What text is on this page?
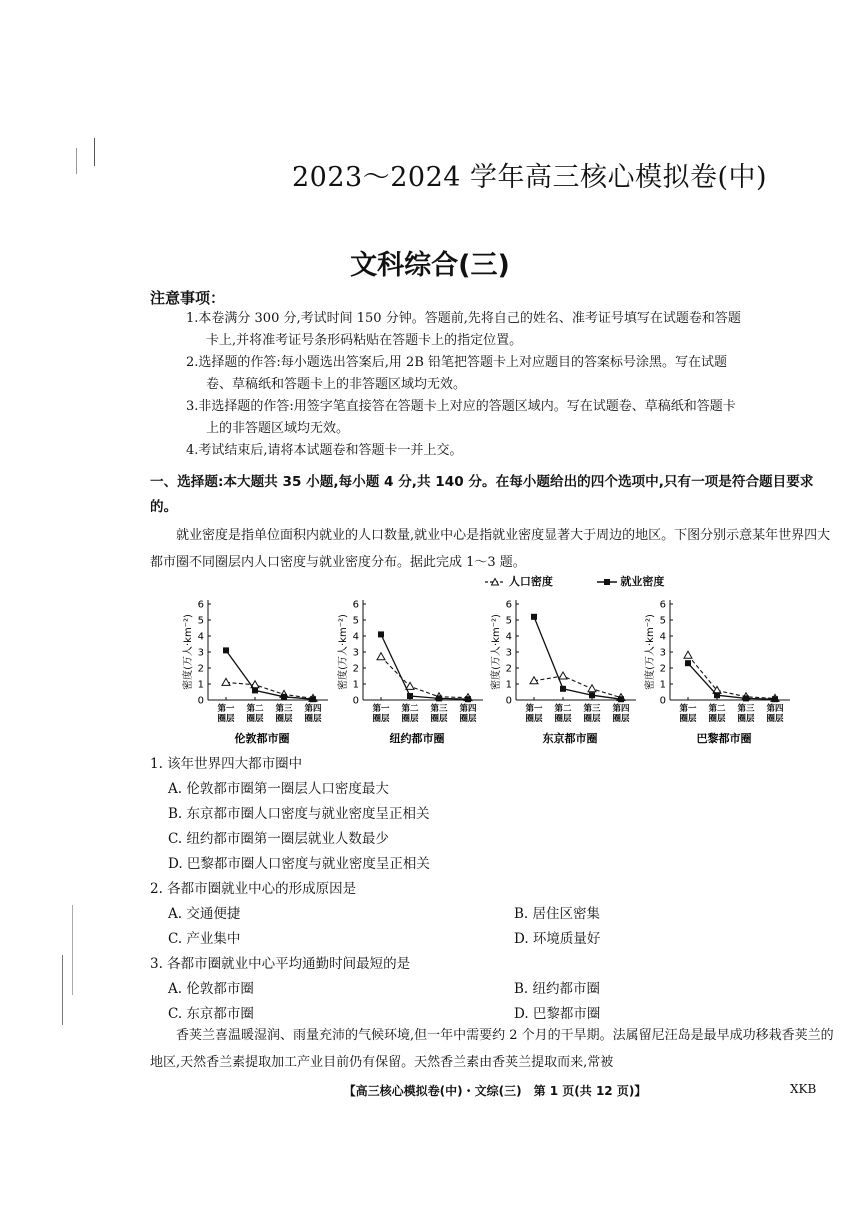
2023～2024 学年高三核心模拟卷(中)
文科综合(三)
注意事项：
1.本卷满分 300 分,考试时间 150 分钟。答题前,先将自己的姓名、准考证号填写在试题卷和答题
卡上,并将准考证号条形码粘贴在答题卡上的指定位置。
2.选择题的作答:每小题选出答案后,用 2B 铅笔把答题卡上对应题目的答案标号涂黑。写在试题
卷、草稿纸和答题卡上的非答题区域均无效。
3.非选择题的作答:用签字笔直接答在答题卡上对应的答题区域内。写在试题卷、草稿纸和答题卡
上的非答题区域均无效。
4.考试结束后,请将本试题卷和答题卡一并上交。
一、选择题:本大题共 35 小题,每小题 4 分,共 140 分。在每小题给出的四个选项中,只有一项是符合题目要求的。
就业密度是指单位面积内就业的人口数量,就业中心是指就业密度显著大于周边的地区。下图分别示意某年世界四大都市圈不同圈层内人口密度与就业密度分布。据此完成 1～3 题。
人口密度	就业密度
密度(万人·km⁻²)
0
1
2
3
4
5
6
第一圈层
第二圈层
第三圈层
第四圈层
伦敦都市圈
密度(万人·km⁻²)
0
1
2
3
4
5
6
第一圈层
第二圈层
第三圈层
第四圈层
纽约都市圈
密度(万人·km⁻²)
0
1
2
3
4
5
6
第一圈层
第二圈层
第三圈层
第四圈层
东京都市圈
密度(万人·km⁻²)
0
1
2
3
4
5
6
第一圈层
第二圈层
第三圈层
第四圈层
巴黎都市圈
1. 该年世界四大都市圈中
A. 伦敦都市圈第一圈层人口密度最大
B. 东京都市圈人口密度与就业密度呈正相关
C. 纽约都市圈第一圈层就业人数最少
D. 巴黎都市圈人口密度与就业密度呈正相关
2. 各都市圈就业中心的形成原因是
A. 交通便捷	B. 居住区密集
C. 产业集中	D. 环境质量好
3. 各都市圈就业中心平均通勤时间最短的是
A. 伦敦都市圈	B. 纽约都市圈
C. 东京都市圈	D. 巴黎都市圈
香荚兰喜温暖湿润、雨量充沛的气候环境,但一年中需要约 2 个月的干旱期。法属留尼汪岛是最早成功移栽香荚兰的地区,天然香兰素提取加工产业目前仍有保留。天然香兰素由香荚兰提取而来,常被
【高三核心模拟卷(中)・文综(三)　第 1 页(共 12 页)】	XKB
